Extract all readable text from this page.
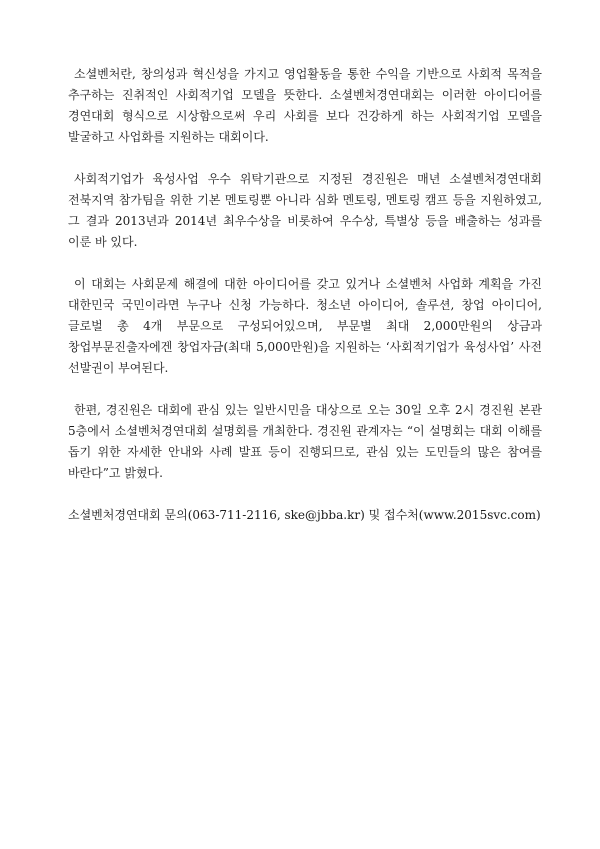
소셜벤처란, 창의성과 혁신성을 가지고 영업활동을 통한 수익을 기반으로 사회적 목적을 추구하는 진취적인 사회적기업 모델을 뜻한다. 소셜벤처경연대회는 이러한 아이디어를 경연대회 형식으로 시상함으로써 우리 사회를 보다 건강하게 하는 사회적기업 모델을 발굴하고 사업화를 지원하는 대회이다.

사회적기업가 육성사업 우수 위탁기관으로 지정된 경진원은 매년 소셜벤처경연대회 전북지역 참가팀을 위한 기본 멘토링뿐 아니라 심화 멘토링, 멘토링 캠프 등을 지원하였고, 그 결과 2013년과 2014년 최우수상을 비롯하여 우수상, 특별상 등을 배출하는 성과를 이룬 바 있다.

이 대회는 사회문제 해결에 대한 아이디어를 갖고 있거나 소셜벤처 사업화 계획을 가진 대한민국 국민이라면 누구나 신청 가능하다. 청소년 아이디어, 솔루션, 창업 아이디어, 글로벌 총 4개 부문으로 구성되어있으며, 부문별 최대 2,000만원의 상금과 창업부문진출자에겐 창업자금(최대 5,000만원)을 지원하는 ‘사회적기업가 육성사업’ 사전 선발권이 부여된다.

한편, 경진원은 대회에 관심 있는 일반시민을 대상으로 오는 30일 오후 2시 경진원 본관 5층에서 소셜벤처경연대회 설명회를 개최한다. 경진원 관계자는 “이 설명회는 대회 이해를 돕기 위한 자세한 안내와 사례 발표 등이 진행되므로, 관심 있는 도민들의 많은 참여를 바란다”고 밝혔다.

소셜벤처경연대회 문의(063-711-2116, ske@jbba.kr) 및 접수처(www.2015svc.com)
